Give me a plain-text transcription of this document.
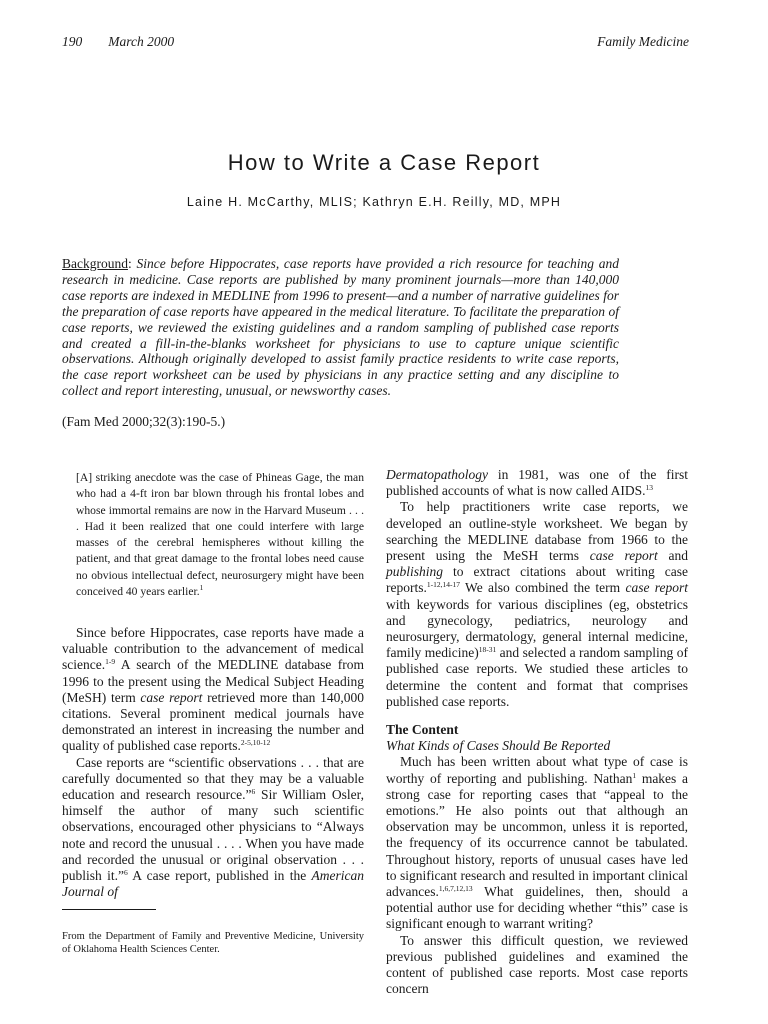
190 March 2000	Family Medicine
How to Write a Case Report
Laine H. McCarthy, MLIS; Kathryn E.H. Reilly, MD, MPH
Background: Since before Hippocrates, case reports have provided a rich resource for teaching and research in medicine. Case reports are published by many prominent journals—more than 140,000 case reports are indexed in MEDLINE from 1996 to present—and a number of narrative guidelines for the preparation of case reports have appeared in the medical literature. To facilitate the preparation of case reports, we reviewed the existing guidelines and a random sampling of published case reports and created a fill-in-the-blanks worksheet for physicians to use to capture unique scientific observations. Although originally developed to assist family practice residents to write case reports, the case report worksheet can be used by physicians in any practice setting and any discipline to collect and report interesting, unusual, or newsworthy cases.
(Fam Med 2000;32(3):190-5.)
[A] striking anecdote was the case of Phineas Gage, the man who had a 4-ft iron bar blown through his frontal lobes and whose immortal remains are now in the Harvard Museum . . . . Had it been realized that one could interfere with large masses of the cerebral hemispheres without killing the patient, and that great damage to the frontal lobes need cause no obvious intellectual defect, neurosurgery might have been conceived 40 years earlier.$^1$

Since before Hippocrates, case reports have made a valuable contribution to the advancement of medical science.$^{1-9}$ A search of the MEDLINE database from 1996 to the present using the Medical Subject Heading (MeSH) term case report retrieved more than 140,000 citations. Several prominent medical journals have demonstrated an interest in increasing the number and quality of published case reports.$^{2-5,10-12}$

Case reports are “scientific observations . . . that are carefully documented so that they may be a valuable education and research resource.”$^6$ Sir William Osler, himself the author of many such scientific observations, encouraged other physicians to “Always note and record the unusual . . . . When you have made and recorded the unusual or original observation . . . publish it.”$^6$ A case report, published in the American Journal of

Dermatopathology in 1981, was one of the first published accounts of what is now called AIDS.$^{13}$

To help practitioners write case reports, we developed an outline-style worksheet. We began by searching the MEDLINE database from 1966 to the present using the MeSH terms case report and publishing to extract citations about writing case reports.$^{1-12,14-17}$ We also combined the term case report with keywords for various disciplines (eg, obstetrics and gynecology, pediatrics, neurology and neurosurgery, dermatology, general internal medicine, family medicine)$^{18-31}$ and selected a random sampling of published case reports. We studied these articles to determine the content and format that comprises published case reports.

The Content
What Kinds of Cases Should Be Reported

Much has been written about what type of case is worthy of reporting and publishing. Nathan$^1$ makes a strong case for reporting cases that “appeal to the emotions.” He also points out that although an observation may be uncommon, unless it is reported, the frequency of its occurrence cannot be tabulated. Throughout history, reports of unusual cases have led to significant research and resulted in important clinical advances.$^{1,6,7,12,13}$ What guidelines, then, should a potential author use for deciding whether “this” case is significant enough to warrant writing?

To answer this difficult question, we reviewed previous published guidelines and examined the content of published case reports. Most case reports concern

From the Department of Family and Preventive Medicine, University of Oklahoma Health Sciences Center.
